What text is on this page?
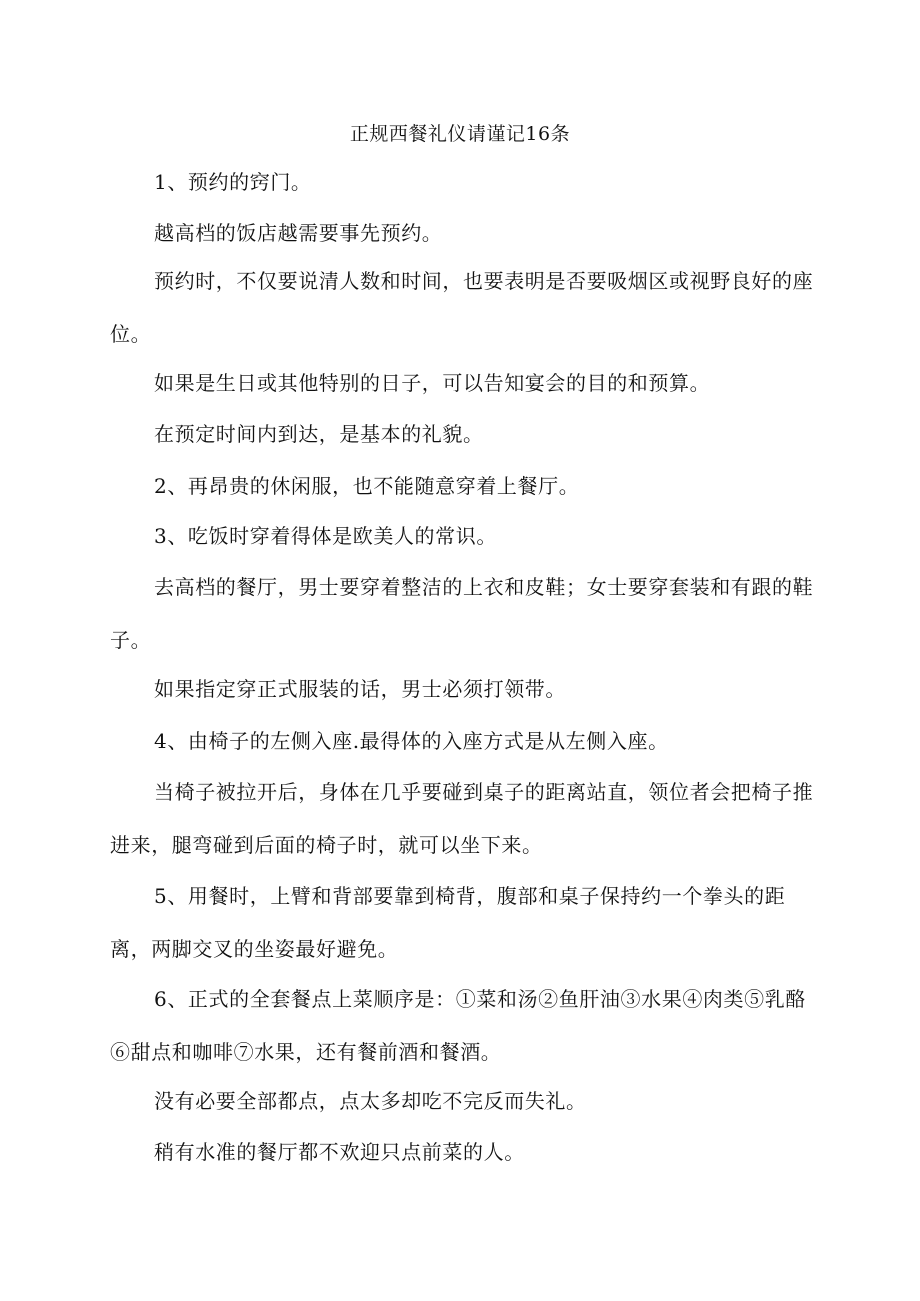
正规西餐礼仪请谨记16条

1、预约的窍门。

越高档的饭店越需要事先预约。

预约时，不仅要说清人数和时间，也要表明是否要吸烟区或视野良好的座位。

如果是生日或其他特别的日子，可以告知宴会的目的和预算。

在预定时间内到达，是基本的礼貌。

2、再昂贵的休闲服，也不能随意穿着上餐厅。

3、吃饭时穿着得体是欧美人的常识。

去高档的餐厅，男士要穿着整洁的上衣和皮鞋；女士要穿套装和有跟的鞋子。

如果指定穿正式服装的话，男士必须打领带。

4、由椅子的左侧入座.最得体的入座方式是从左侧入座。

当椅子被拉开后，身体在几乎要碰到桌子的距离站直，领位者会把椅子推进来，腿弯碰到后面的椅子时，就可以坐下来。

5、用餐时，上臂和背部要靠到椅背，腹部和桌子保持约一个拳头的距离，两脚交叉的坐姿最好避免。

6、正式的全套餐点上菜顺序是：①菜和汤②鱼肝油③水果④肉类⑤乳酪⑥甜点和咖啡⑦水果，还有餐前酒和餐酒。

没有必要全部都点，点太多却吃不完反而失礼。

稍有水准的餐厅都不欢迎只点前菜的人。
